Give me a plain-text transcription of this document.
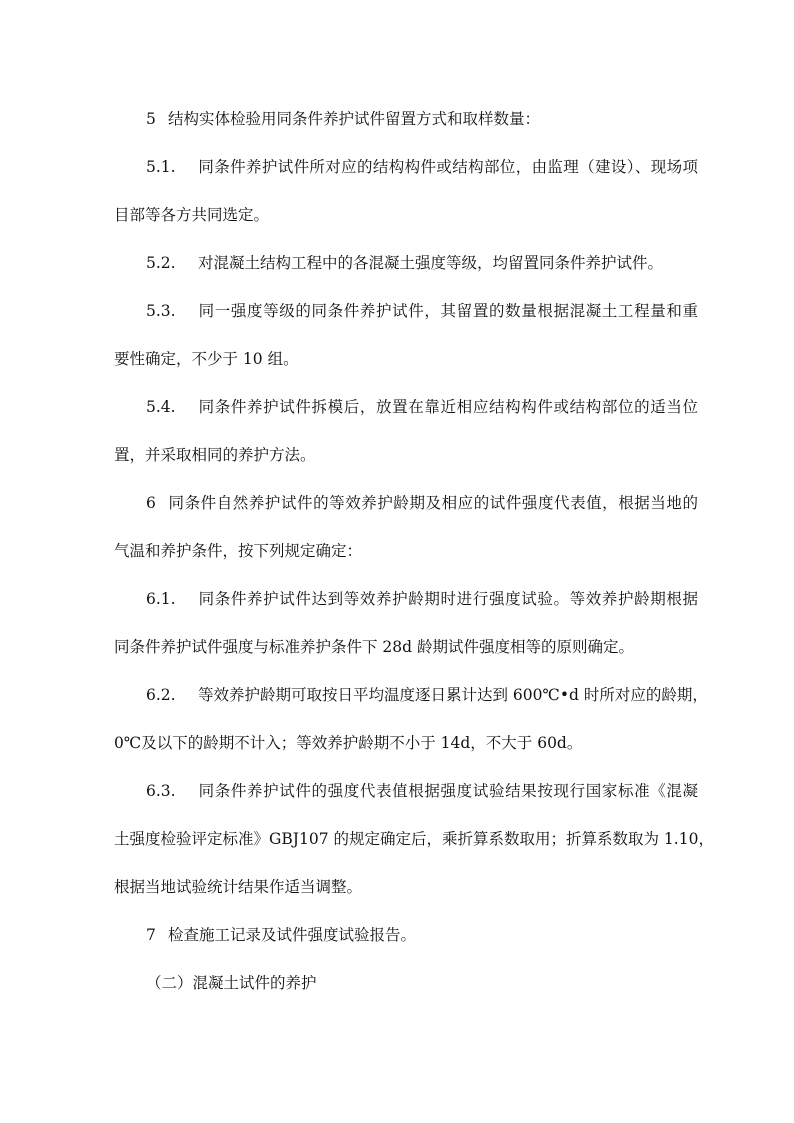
5 结构实体检验用同条件养护试件留置方式和取样数量：
5.1. 同条件养护试件所对应的结构构件或结构部位，由监理（建设）、现场项
目部等各方共同选定。
5.2. 对混凝土结构工程中的各混凝土强度等级，均留置同条件养护试件。
5.3. 同一强度等级的同条件养护试件，其留置的数量根据混凝土工程量和重
要性确定，不少于 10 组。
5.4. 同条件养护试件拆模后，放置在靠近相应结构构件或结构部位的适当位
置，并采取相同的养护方法。
6 同条件自然养护试件的等效养护龄期及相应的试件强度代表值，根据当地的
气温和养护条件，按下列规定确定：
6.1. 同条件养护试件达到等效养护龄期时进行强度试验。等效养护龄期根据
同条件养护试件强度与标准养护条件下 28d 龄期试件强度相等的原则确定。
6.2. 等效养护龄期可取按日平均温度逐日累计达到 600℃•d 时所对应的龄期，
0℃及以下的龄期不计入；等效养护龄期不小于 14d，不大于 60d。
6.3. 同条件养护试件的强度代表值根据强度试验结果按现行国家标准《混凝
土强度检验评定标准》GBJ107 的规定确定后，乘折算系数取用；折算系数取为 1.10，
根据当地试验统计结果作适当调整。
7 检查施工记录及试件强度试验报告。
（二）混凝土试件的养护
